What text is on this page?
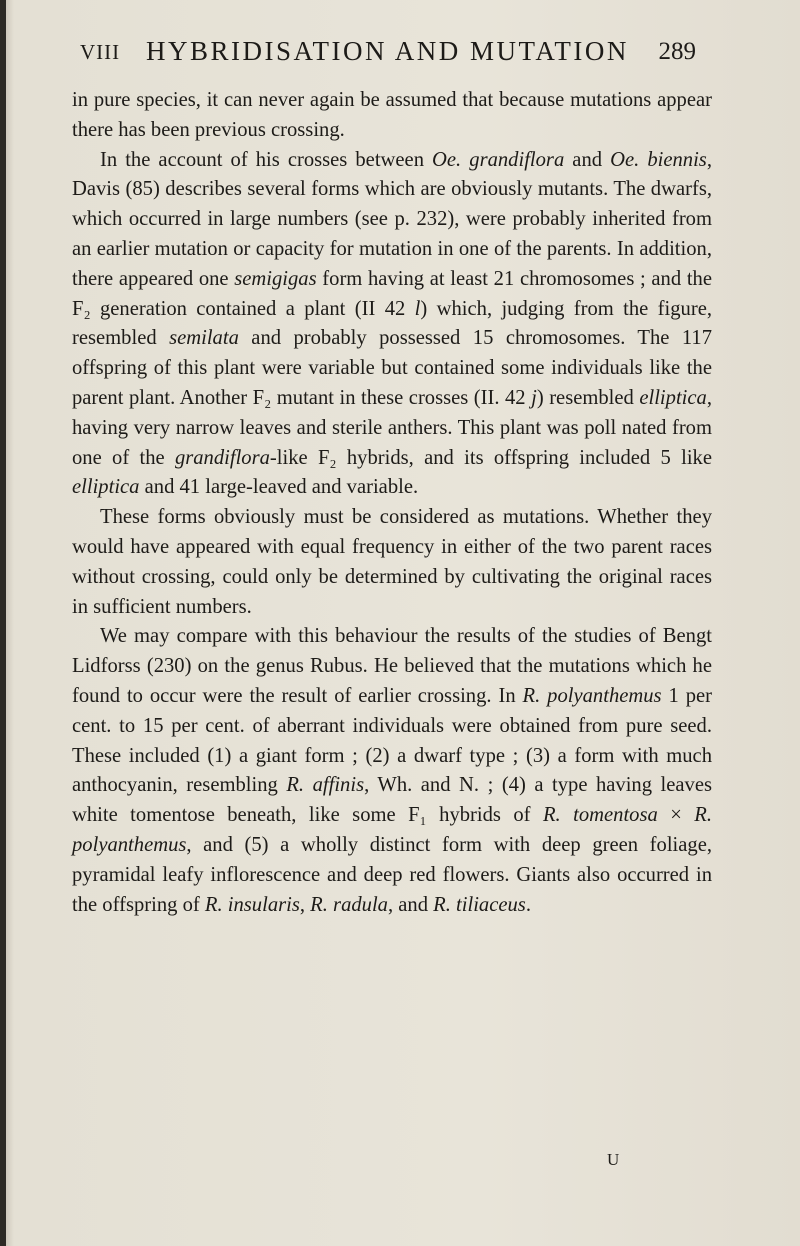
VIII HYBRIDISATION AND MUTATION 289

in pure species, it can never again be assumed that because mutations appear there has been previous crossing.

In the account of his crosses between Oe. grandiflora and Oe. biennis, Davis (85) describes several forms which are obviously mutants. The dwarfs, which occurred in large numbers (see p. 232), were probably inherited from an earlier mutation or capacity for mutation in one of the parents. In addition, there appeared one semigigas form having at least 21 chromosomes ; and the F₂ generation contained a plant (II 42 l) which, judging from the figure, resembled semilata and probably possessed 15 chromosomes. The 117 offspring of this plant were variable but contained some individuals like the parent plant. Another F₂ mutant in these crosses (II. 42 j) resembled elliptica, having very narrow leaves and sterile anthers. This plant was poll nated from one of the grandiflora-like F₂ hybrids, and its offspring included 5 like elliptica and 41 large-leaved and variable.

These forms obviously must be considered as mutations. Whether they would have appeared with equal frequency in either of the two parent races without crossing, could only be determined by cultivating the original races in sufficient numbers.

We may compare with this behaviour the results of the studies of Bengt Lidforss (230) on the genus Rubus. He believed that the mutations which he found to occur were the result of earlier crossing. In R. polyanthemus 1 per cent. to 15 per cent. of aberrant individuals were obtained from pure seed. These included (1) a giant form ; (2) a dwarf type ; (3) a form with much anthocyanin, resembling R. affinis, Wh. and N. ; (4) a type having leaves white tomentose beneath, like some F₁ hybrids of R. tomentosa × R. polyanthemus, and (5) a wholly distinct form with deep green foliage, pyramidal leafy inflorescence and deep red flowers. Giants also occurred in the offspring of R. insularis, R. radula, and R. tiliaceus.

U
